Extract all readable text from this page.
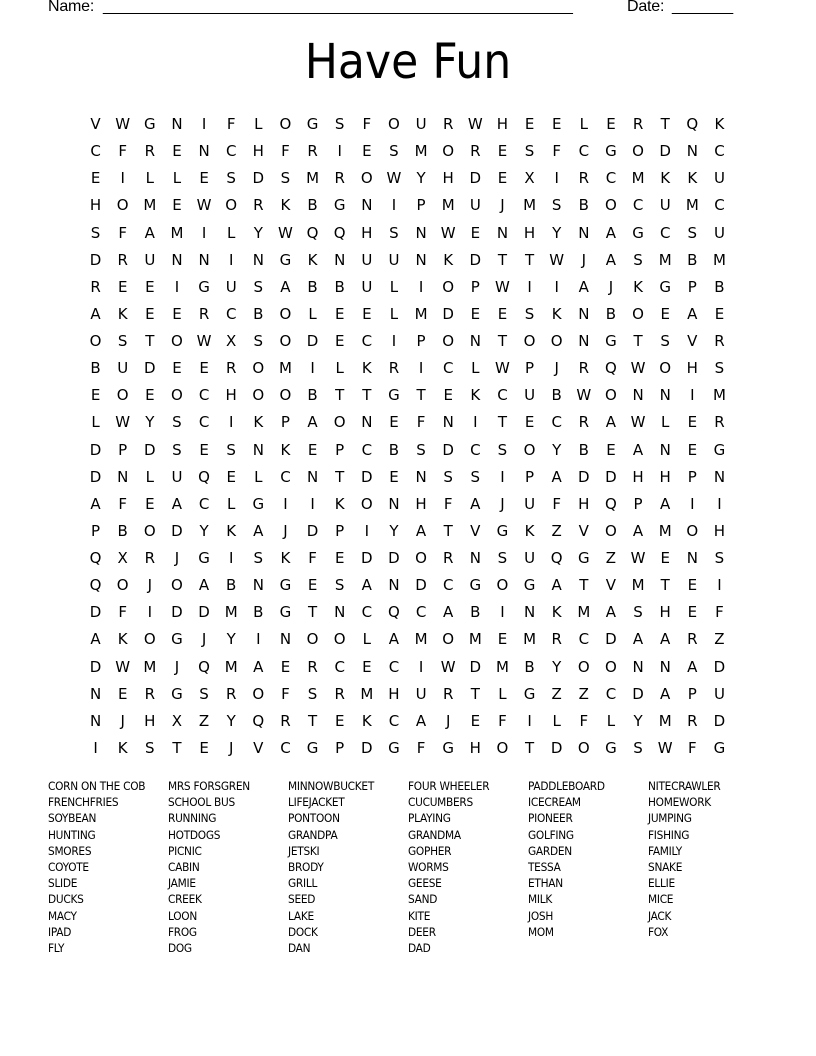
Name: ______________________________________________________	Date: _______
Have Fun
V W G	N	I	F	L	O	G	S	F	O	U	R W H	E	E	L	E	R	T	Q	K
C	F	R	E	N	C	H	F	R	I	E	S	M O	R	E	S	F	C	G	O	D	N	C
E	I	L	L	E	S	D	S	M	R	O W	Y	H	D	E	X	I	R	C	M	K	K	U
H	O M	E W O	R	K	B	G	N	I	P	M	U	J	M	S	B	O	C	U	M	C
S	F	A	M	I	L	Y	W Q	Q	H	S	N W E	N	H	Y	N	A	G	C	S	U
D	R	U	N	N	I	N	G	K	N	U	U	N	K	D	T	T	W	J	A	S	M	B	M
R	E	E	I	G	U	S	A	B	B	U	L	I	O	P	W	I	I	A	J	K	G	P	B
A	K	E	E	R	C	B	O	L	E	E	L	M D	E	E	S	K	N	B	O	E	A	E
O	S	T	O W X	S	O	D	E	C	I	P	O	N	T	O	O	N	G	T	S	V	R
B	U	D	E	E	R	O M	I	L	K	R	I	C	L	W	P	J	R	Q W O	H	S
E	O	E	O	C	H	O	O	B	T	T	G	T	E	K	C	U	B W O	N	N	I	M
L	W	Y	S	C	I	K	P	A	O	N	E	F	N	I	T	E	C	R	A W	L	E	R
D	P	D	S	E	S	N	K	E	P	C	B	S	D	C	S	O	Y	B	E	A	N	E	G
D	N	L	U	Q	E	L	C	N	T	D	E	N	S	S	I	P	A	D	D	H	H	P	N
A	F	E	A	C	L	G	I	I	K	O	N	H	F	A	J	U	F	H	Q	P	A	I	I
P	B	O	D	Y	K	A	J	D	P	I	Y	A	T	V	G	K	Z	V	O	A	M O	H
Q	X	R	J	G	I	S	K	F	E	D	D	O	R	N	S	U	Q	G	Z W E	N	S
Q	O	J	O	A	B	N	G	E	S	A	N	D	C	G	O	G	A	T	V	M	T	E	I
D	F	I	D	D M	B	G	T	N	C	Q	C	A	B	I	N	K	M	A	S	H	E	F
A	K	O	G	J	Y	I	N	O	O	L	A	M O M	E	M	R	C	D	A	A	R	Z
D W M	J	Q M	A	E	R	C	E	C	I	W D M	B	Y	O	O	N	N	A	D
N	E	R	G	S	R	O	F	S	R	M	H	U	R	T	L	G	Z	Z	C	D	A	P	U
N	J	H	X	Z	Y	Q	R	T	E	K	C	A	J	E	F	I	L	F	L	Y	M	R	D
I	K	S	T	E	J	V	C	G	P	D	G	F	G	H	O	T	D	O	G	S W	F	G
CORN ON THE COB
FRENCHFRIES
SOYBEAN
HUNTING
SMORES
COYOTE
SLIDE
DUCKS
MACY
IPAD
FLY
MRS FORSGREN
SCHOOL BUS
RUNNING
HOTDOGS
PICNIC
CABIN
JAMIE
CREEK
LOON
FROG
DOG
MINNOWBUCKET
LIFEJACKET
PONTOON
GRANDPA
JETSKI
BRODY
GRILL
SEED
LAKE
DOCK
DAN
FOUR WHEELER
CUCUMBERS
PLAYING
GRANDMA
GOPHER
WORMS
GEESE
SAND
KITE
DEER
DAD
PADDLEBOARD
ICECREAM
PIONEER
GOLFING
GARDEN
TESSA
ETHAN
MILK
JOSH
MOM
NITECRAWLER
HOMEWORK
JUMPING
FISHING
FAMILY
SNAKE
ELLIE
MICE
JACK
FOX
